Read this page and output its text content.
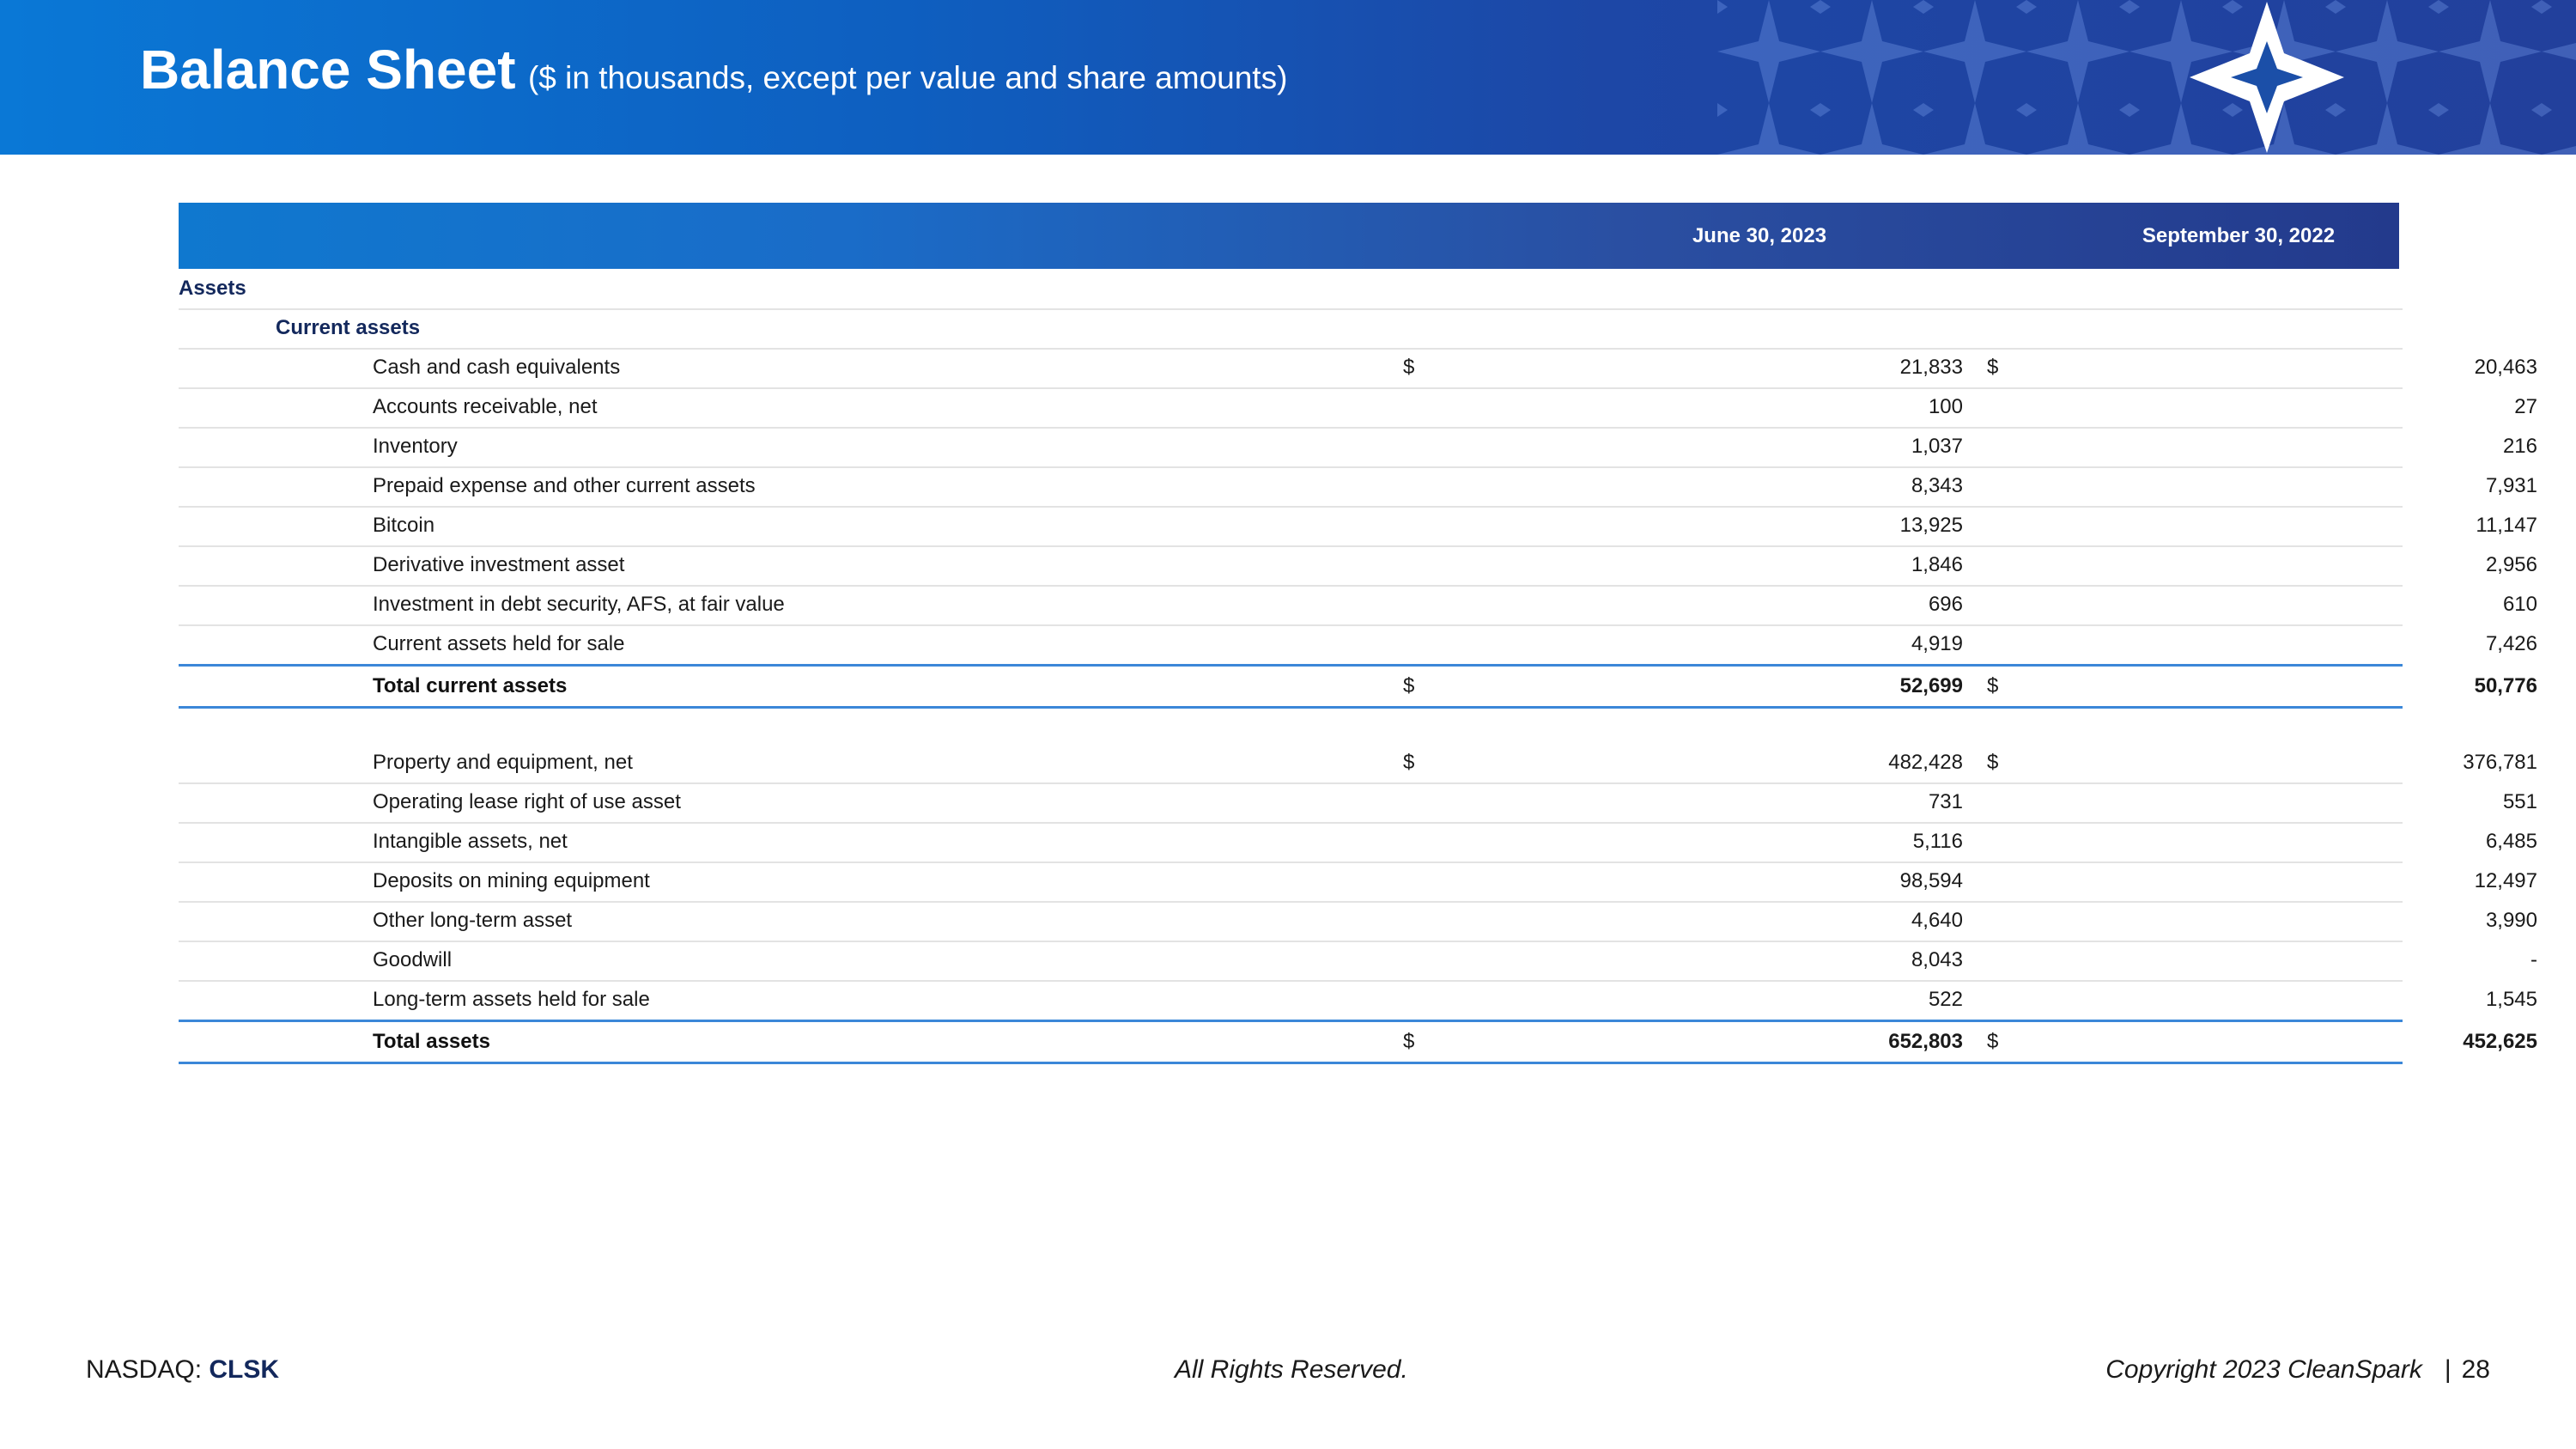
Balance Sheet ($ in thousands, except per value and share amounts)
June 30, 2023	September 30, 2022
Assets
Current assets
Cash and cash equivalents	$	21,833 $	20,463
Accounts receivable, net	100	27
Inventory	1,037	216
Prepaid expense and other current assets	8,343	7,931
Bitcoin	13,925	11,147
Derivative investment asset	1,846	2,956
Investment in debt security, AFS, at fair value	696	610
Current assets held for sale	4,919	7,426
Total current assets	$	52,699 $	50,776
Property and equipment, net	$	482,428 $	376,781
Operating lease right of use asset	731	551
Intangible assets, net	5,116	6,485
Deposits on mining equipment	98,594	12,497
Other long-term asset	4,640	3,990
Goodwill	8,043	-
Long-term assets held for sale	522	1,545
Total assets	$	652,803 $	452,625
NASDAQ: CLSK	All Rights Reserved.	Copyright 2023 CleanSpark | 28
